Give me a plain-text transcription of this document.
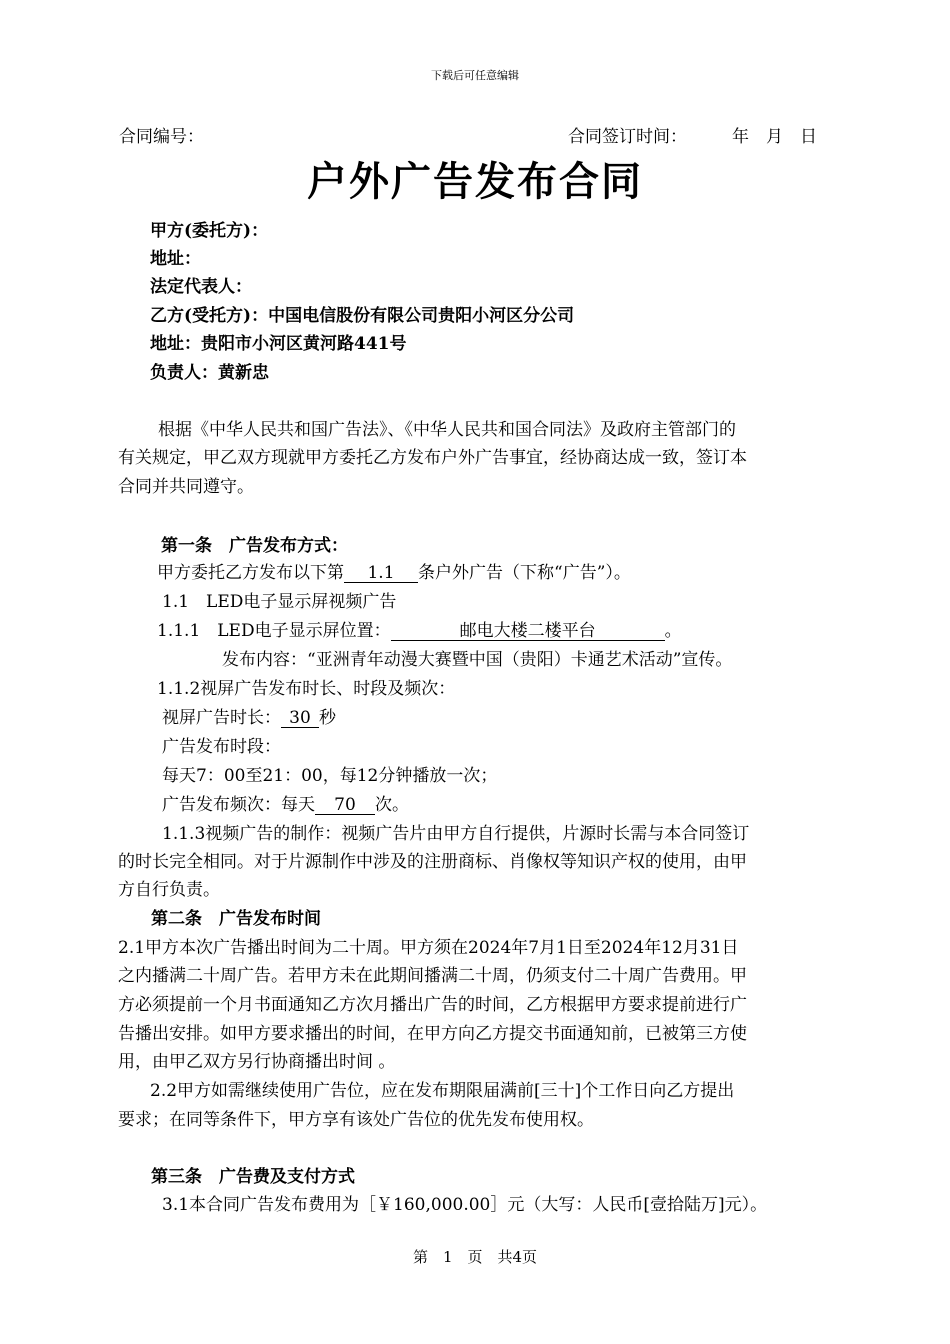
下载后可任意编辑
合同编号：	合同签订时间：	年　月　日
户外广告发布合同
甲方(委托方)：
地址：
法定代表人：
乙方(受托方)：中国电信股份有限公司贵阳小河区分公司
地址：贵阳市小河区黄河路441号
负责人：黄新忠
根据《中华人民共和国广告法》、《中华人民共和国合同法》及政府主管部门的
有关规定，甲乙双方现就甲方委托乙方发布户外广告事宜，经协商达成一致，签订本
合同并共同遵守。
第一条　广告发布方式：
甲方委托乙方发布以下第 1.1 条户外广告（下称“广告”）。
1.1　LED电子显示屏视频广告
1.1.1　LED电子显示屏位置：	邮电大楼二楼平台	。
发布内容：“亚洲青年动漫大赛暨中国（贵阳）卡通艺术活动”宣传。
1.1.2视屏广告发布时长、时段及频次：
视屏广告时长： 30 秒
广告发布时段：
每天7：00至21：00，每12分钟播放一次；
广告发布频次：每天 70 次。
1.1.3视频广告的制作：视频广告片由甲方自行提供，片源时长需与本合同签订
的时长完全相同。对于片源制作中涉及的注册商标、肖像权等知识产权的使用，由甲
方自行负责。
第二条　广告发布时间
2.1甲方本次广告播出时间为二十周。甲方须在2024年7月1日至2024年12月31日
之内播满二十周广告。若甲方未在此期间播满二十周，仍须支付二十周广告费用。甲
方必须提前一个月书面通知乙方次月播出广告的时间，乙方根据甲方要求提前进行广
告播出安排。如甲方要求播出的时间，在甲方向乙方提交书面通知前，已被第三方使
用，由甲乙双方另行协商播出时间 。
2.2甲方如需继续使用广告位，应在发布期限届满前[三十]个工作日向乙方提出
要求；在同等条件下，甲方享有该处广告位的优先发布使用权。
第三条　广告费及支付方式
3.1本合同广告发布费用为［￥160,000.00］元（大写：人民币[壹拾陆万]元）。
第　1　页　共4页
